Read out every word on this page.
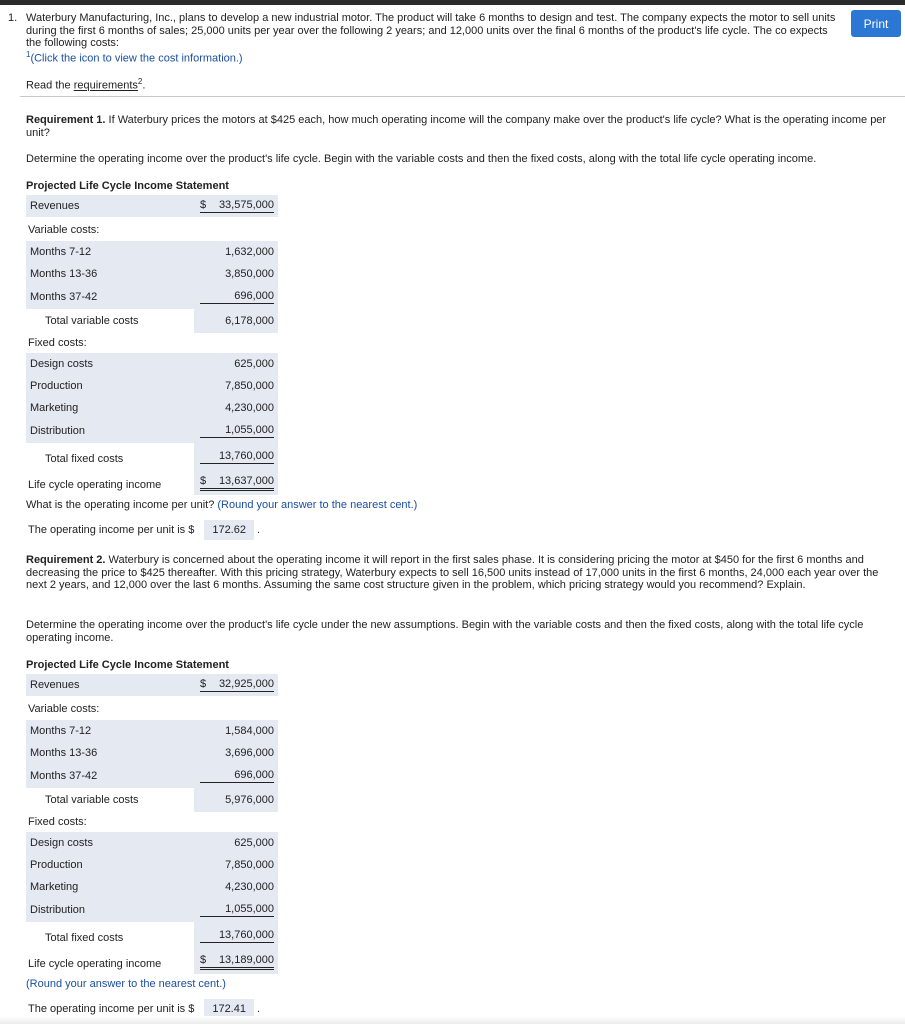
1. Waterbury Manufacturing, Inc., plans to develop a new industrial motor. The product will take 6 months to design and test. The company expects the motor to sell units during the first 6 months of sales; 25,000 units per year over the following 2 years; and 12,000 units over the final 6 months of the product's life cycle. The co expects the following costs:
$^1$(Click the icon to view the cost information.)
Print
Read the requirements$^2$.
Requirement 1. If Waterbury prices the motors at $425 each, how much operating income will the company make over the product's life cycle? What is the operating income per unit?
Determine the operating income over the product's life cycle. Begin with the variable costs and then the fixed costs, along with the total life cycle operating income.
Projected Life Cycle Income Statement
Revenues	$ 33,575,000
Variable costs:
Months 7-12	1,632,000
Months 13-36	3,850,000
Months 37-42	696,000
Total variable costs	6,178,000
Fixed costs:
Design costs	625,000
Production	7,850,000
Marketing	4,230,000
Distribution	1,055,000
Total fixed costs	13,760,000
Life cycle operating income	$ 13,637,000
What is the operating income per unit? (Round your answer to the nearest cent.)
The operating income per unit is $	172.62	.
Requirement 2. Waterbury is concerned about the operating income it will report in the first sales phase. It is considering pricing the motor at $450 for the first 6 months and decreasing the price to $425 thereafter. With this pricing strategy, Waterbury expects to sell 16,500 units instead of 17,000 units in the first 6 months, 24,000 each year over the next 2 years, and 12,000 over the last 6 months. Assuming the same cost structure given in the problem, which pricing strategy would you recommend? Explain.
Determine the operating income over the product's life cycle under the new assumptions. Begin with the variable costs and then the fixed costs, along with the total life cycle operating income.
Projected Life Cycle Income Statement
Revenues	$ 32,925,000
Variable costs:
Months 7-12	1,584,000
Months 13-36	3,696,000
Months 37-42	696,000
Total variable costs	5,976,000
Fixed costs:
Design costs	625,000
Production	7,850,000
Marketing	4,230,000
Distribution	1,055,000
Total fixed costs	13,760,000
Life cycle operating income	$ 13,189,000
(Round your answer to the nearest cent.)
The operating income per unit is $	172.41	.
